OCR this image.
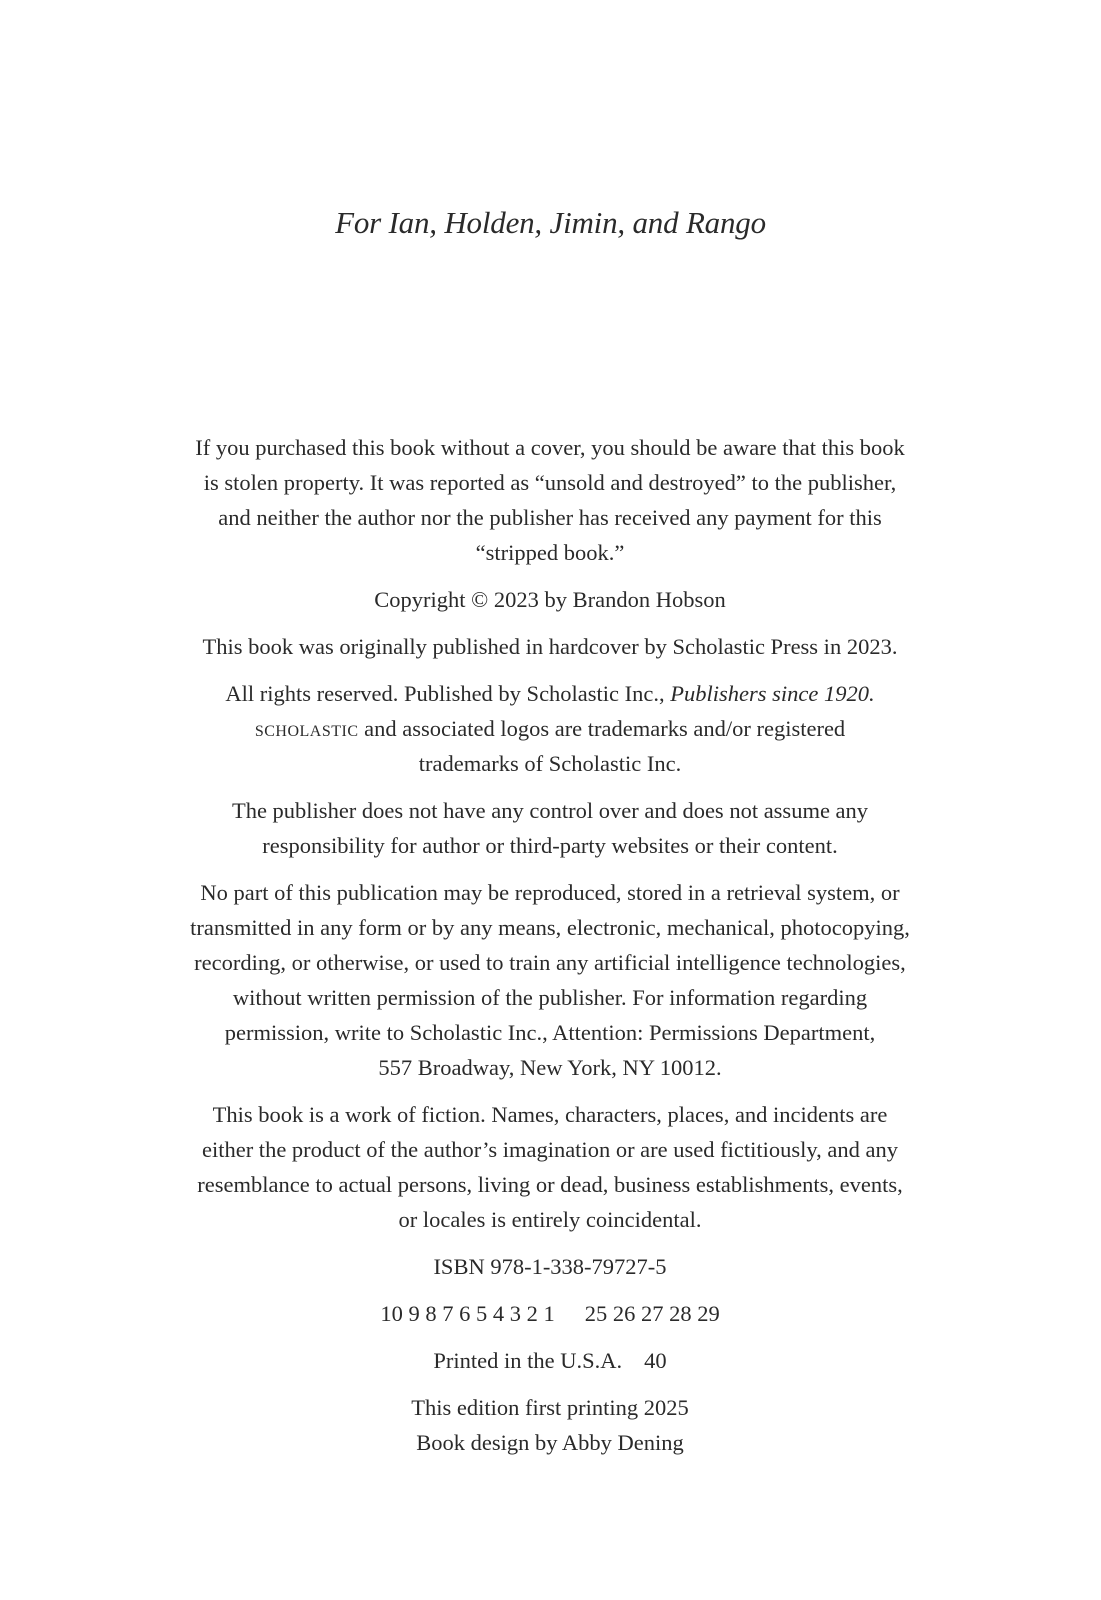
For Ian, Holden, Jimin, and Rango

If you purchased this book without a cover, you should be aware that this book
is stolen property. It was reported as “unsold and destroyed” to the publisher,
and neither the author nor the publisher has received any payment for this
“stripped book.”

Copyright © 2023 by Brandon Hobson

This book was originally published in hardcover by Scholastic Press in 2023.

All rights reserved. Published by Scholastic Inc., Publishers since 1920.
scholastic and associated logos are trademarks and/or registered
trademarks of Scholastic Inc.

The publisher does not have any control over and does not assume any
responsibility for author or third-party websites or their content.

No part of this publication may be reproduced, stored in a retrieval system, or
transmitted in any form or by any means, electronic, mechanical, photocopying,
recording, or otherwise, or used to train any artificial intelligence technologies,
without written permission of the publisher. For information regarding
permission, write to Scholastic Inc., Attention: Permissions Department,
557 Broadway, New York, NY 10012.

This book is a work of fiction. Names, characters, places, and incidents are
either the product of the author’s imagination or are used fictitiously, and any
resemblance to actual persons, living or dead, business establishments, events,
or locales is entirely coincidental.

ISBN 978-1-338-79727-5

10 9 8 7 6 5 4 3 2 1 25 26 27 28 29

Printed in the U.S.A. 40

This edition first printing 2025
Book design by Abby Dening
